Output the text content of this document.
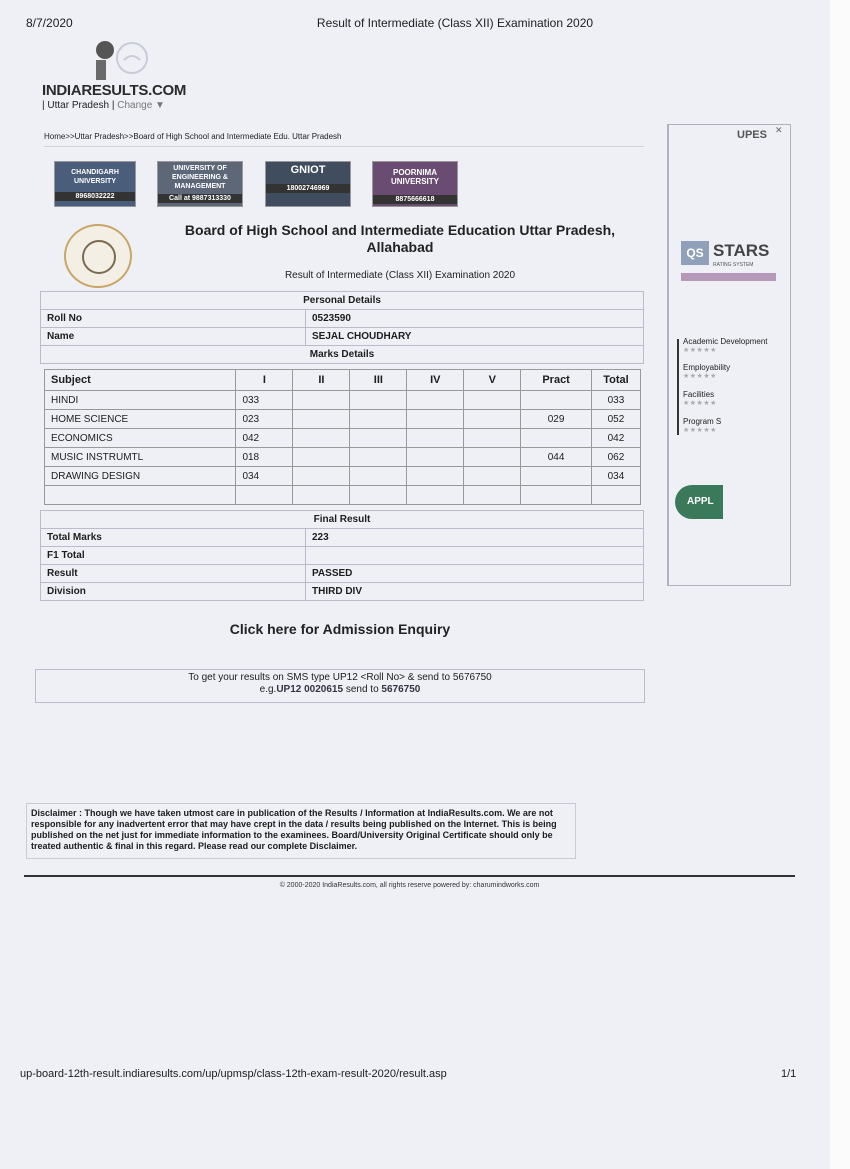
8/7/2020	Result of Intermediate (Class XII) Examination 2020
INDIARESULTS.COM
| Uttar Pradesh | Change ▼
Home>>Uttar Pradesh>>Board of High School and Intermediate Edu. Uttar Pradesh
CHANDIGARH UNIVERSITY
8968032222
UNIVERSITY OF ENGINEERING & MANAGEMENT
Call at 9887313330
GNIOT
18002746969
POORNIMA UNIVERSITY
8875666618
Board of High School and Intermediate Education Uttar Pradesh, Allahabad
Result of Intermediate (Class XII) Examination 2020
Personal Details	
Roll No	0523590
Name	SEJAL CHOUDHARY
Marks Details	
Subject	I	II	III	IV	V	Pract	Total
HINDI	033						033
HOME SCIENCE	023					029	052
ECONOMICS	042						042
MUSIC INSTRUMTL	018					044	062
DRAWING DESIGN	034						034

Final Result	
Total Marks	223
F1 Total	
Result	PASSED
Division	THIRD DIV
Click here for Admission Enquiry
To get your results on SMS type UP12 <Roll No> & send to 5676750
e.g.UP12 0020615 send to 5676750
Disclaimer : Though we have taken utmost care in publication of the Results / Information at IndiaResults.com. We are not responsible for any inadvertent error that may have crept in the data / results being published on the Internet. This is being published on the net just for immediate information to the examinees. Board/University Original Certificate should only be treated authentic & final in this regard. Please read our complete Disclaimer.
© 2000-2020 IndiaResults.com, all rights reserve powered by: charumindworks.com
UPES ✕
QS STARS
RATING SYSTEM
Academic Development
★★★★★
Employability
★★★★★
Facilities
★★★★★
Program S
★★★★★
APPL
up-board-12th-result.indiaresults.com/up/upmsp/class-12th-exam-result-2020/result.asp	1/1
